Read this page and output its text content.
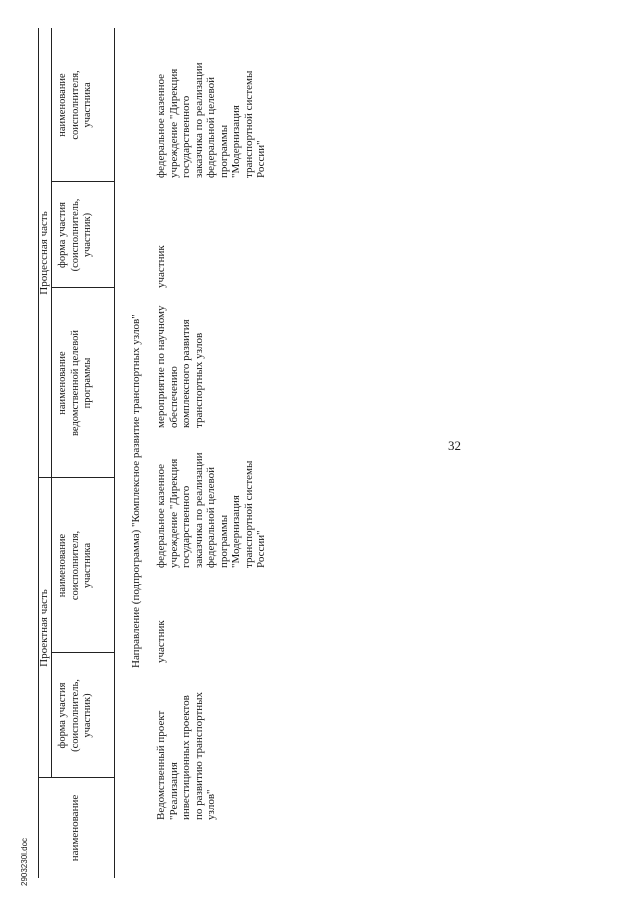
32
наименование
Проектная часть
Процессная часть
форма участия
(соисполнитель,
участник)
наименование
соисполнителя,
участника
наименование
ведомственной целевой
программы
форма участия
(соисполнитель,
участник)
наименование
соисполнителя,
участника
Направление (подпрограмма) "Комплексное развитие транспортных узлов"
Ведомственный проект
"Реализация
инвестиционных проектов
по развитию транспортных
узлов"
участник
федеральное казенное
учреждение "Дирекция
государственного
заказчика по реализации
федеральной целевой
программы
"Модернизация
транспортной системы
России"
мероприятие по научному
обеспечению
комплексного развития
транспортных узлов
участник
федеральное казенное
учреждение "Дирекция
государственного
заказчика по реализации
федеральной целевой
программы
"Модернизация
транспортной системы
России"
2903230l.doc
